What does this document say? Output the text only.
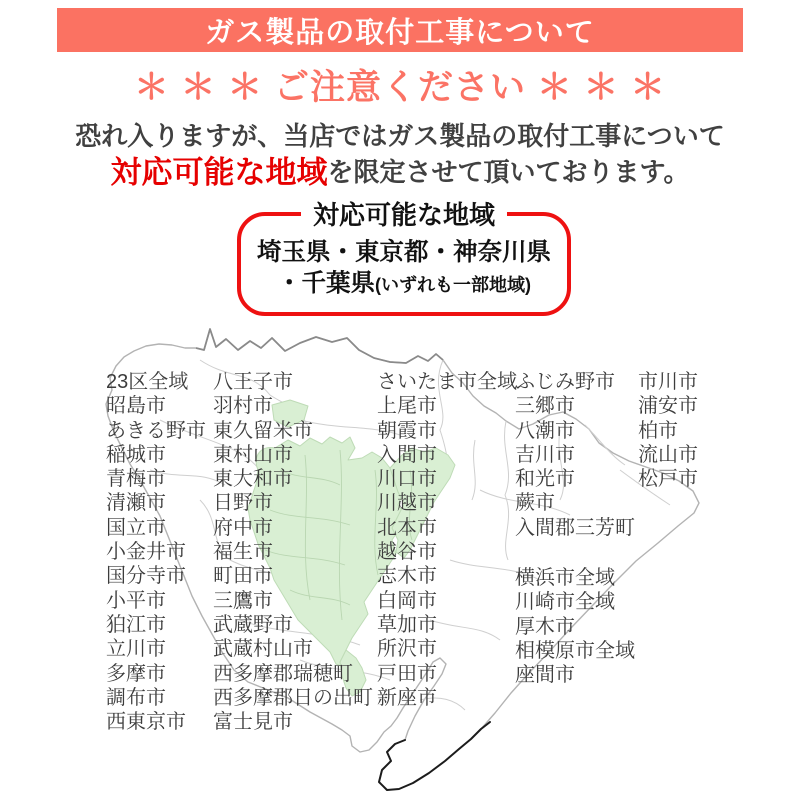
ガス製品の取付工事について
＊ ＊ ＊ ご注意ください ＊ ＊ ＊
恐れ入りますが、当店ではガス製品の取付工事について
対応可能な地域を限定させて頂いております。
対応可能な地域
埼玉県・東京都・神奈川県
・千葉県(いずれも一部地域)
23区全域
昭島市
あきる野市
稲城市
青梅市
清瀬市
国立市
小金井市
国分寺市
小平市
狛江市
立川市
多摩市
調布市
西東京市
八王子市
羽村市
東久留米市
東村山市
東大和市
日野市
府中市
福生市
町田市
三鷹市
武蔵野市
武蔵村山市
西多摩郡瑞穂町
西多摩郡日の出町
富士見市
さいたま市全域
上尾市
朝霞市
入間市
川口市
川越市
北本市
越谷市
志木市
白岡市
草加市
所沢市
戸田市
新座市
ふじみ野市
三郷市
八潮市
吉川市
和光市
蕨市
入間郡三芳町
横浜市全域
川崎市全域
厚木市
相模原市全域
座間市
市川市
浦安市
柏市
流山市
松戸市
